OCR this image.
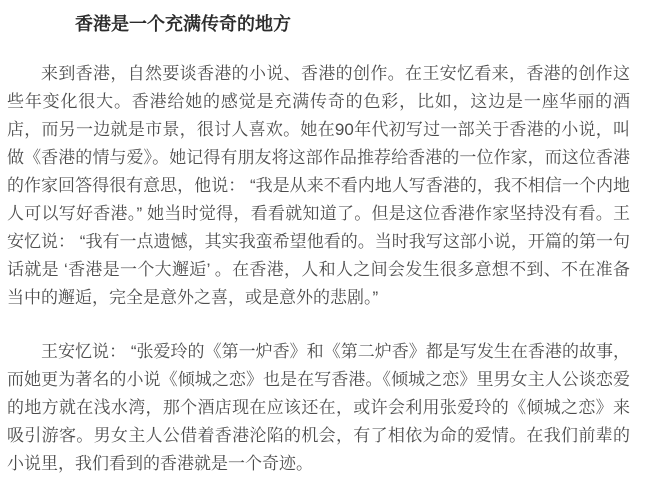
香港是一个充满传奇的地方

来到香港，自然要谈香港的小说、香港的创作。在王安忆看来，香港的创作这些年变化很大。香港给她的感觉是充满传奇的色彩，比如，这边是一座华丽的酒店，而另一边就是市景，很讨人喜欢。她在90年代初写过一部关于香港的小说，叫做《香港的情与爱》。她记得有朋友将这部作品推荐给香港的一位作家，而这位香港的作家回答得很有意思，他说： “我是从来不看内地人写香港的，我不相信一个内地人可以写好香港。” 她当时觉得，看看就知道了。但是这位香港作家坚持没有看。王安忆说： “我有一点遗憾，其实我蛮希望他看的。当时我写这部小说，开篇的第一句话就是 ‘香港是一个大邂逅’ 。在香港，人和人之间会发生很多意想不到、不在准备当中的邂逅，完全是意外之喜，或是意外的悲剧。”

王安忆说： “张爱玲的《第一炉香》和《第二炉香》都是写发生在香港的故事，而她更为著名的小说《倾城之恋》也是在写香港。《倾城之恋》里男女主人公谈恋爱的地方就在浅水湾，那个酒店现在应该还在，或许会利用张爱玲的《倾城之恋》来吸引游客。男女主人公借着香港沦陷的机会，有了相依为命的爱情。在我们前辈的小说里，我们看到的香港就是一个奇迹。
